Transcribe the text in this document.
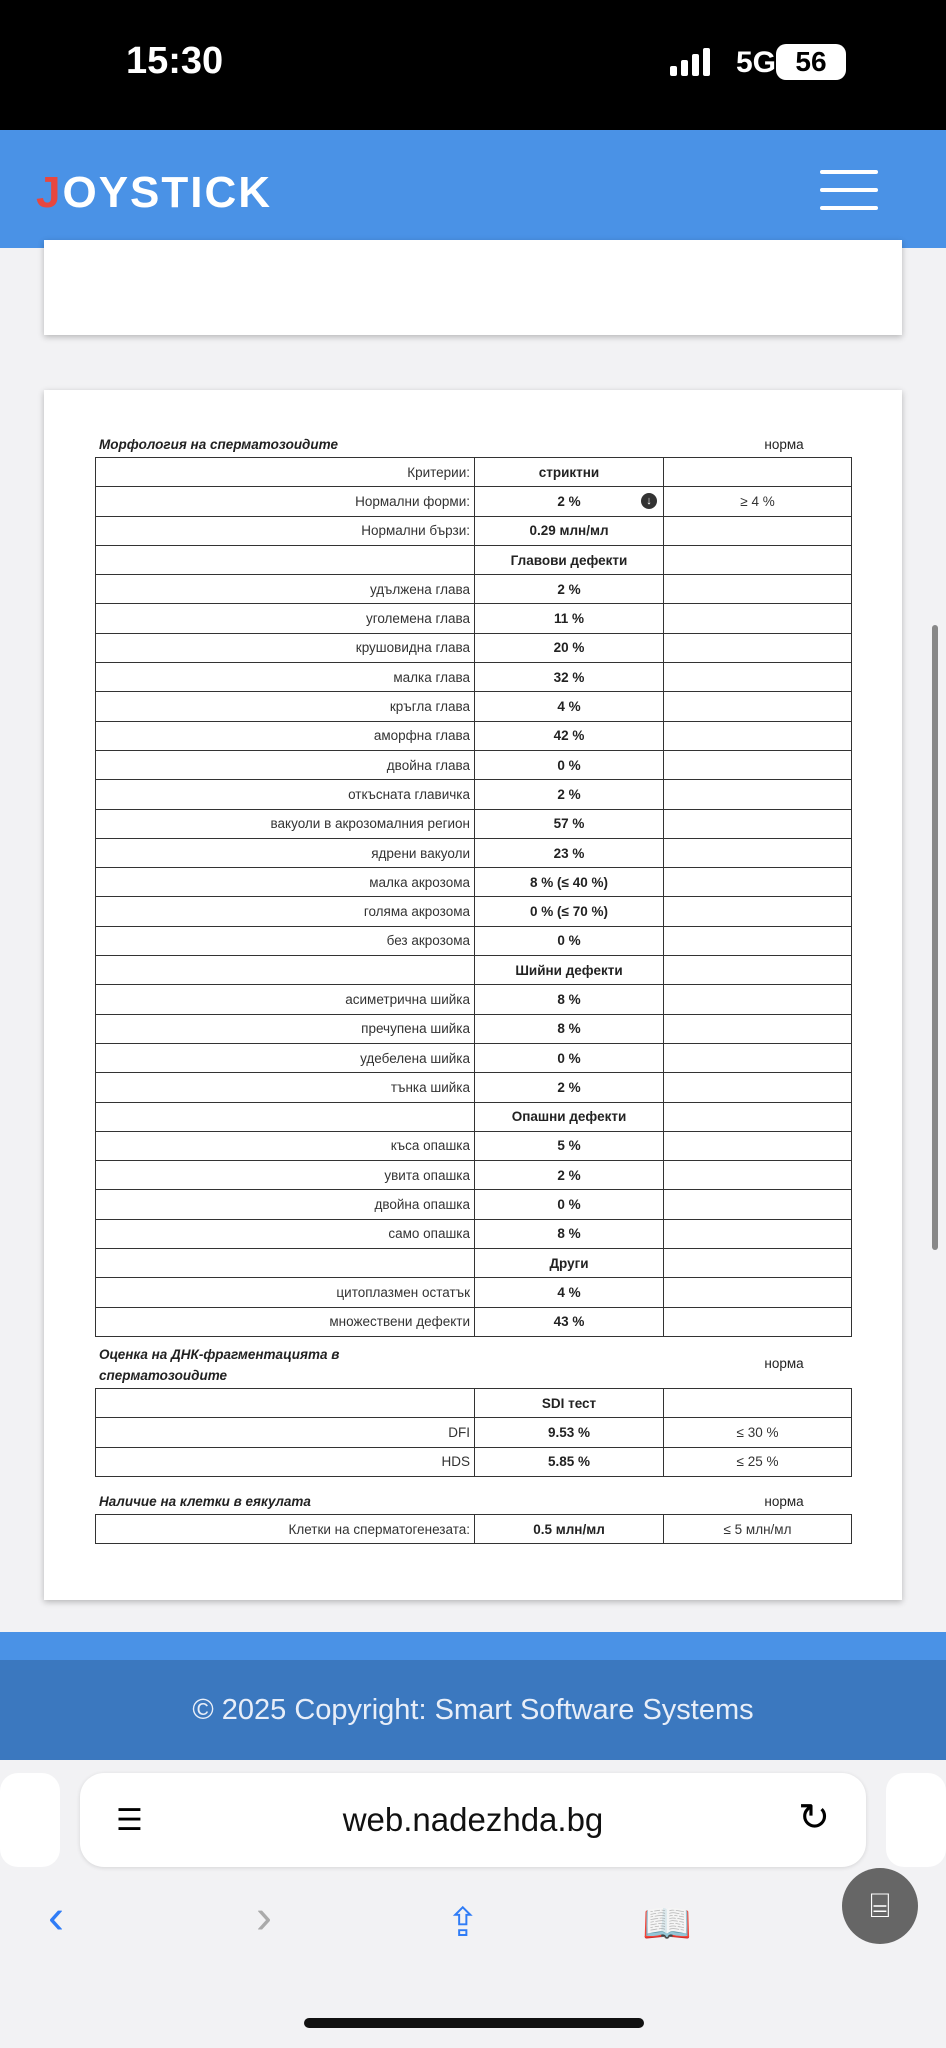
15:30	5G 56
JOYSTICK
Морфология на сперматозоидите	норма
Критерии:	стриктни	
Нормални форми:	2 % ↓	≥ 4 %
Нормални бързи:	0.29 млн/мл	
	Главови дефекти	
удължена глава	2 %	
уголемена глава	11 %	
крушовидна глава	20 %	
малка глава	32 %	
кръгла глава	4 %	
аморфна глава	42 %	
двойна глава	0 %	
откъсната главичка	2 %	
вакуоли в акрозомалния регион	57 %	
ядрени вакуоли	23 %	
малка акрозома	8 % (≤ 40 %)	
голяма акрозома	0 % (≤ 70 %)	
без акрозома	0 %	
	Шийни дефекти	
асиметрична шийка	8 %	
пречупена шийка	8 %	
удебелена шийка	0 %	
тънка шийка	2 %	
	Опашни дефекти	
къса опашка	5 %	
увита опашка	2 %	
двойна опашка	0 %	
само опашка	8 %	
	Други	
цитоплазмен остатък	4 %	
множествени дефекти	43 %	
Оценка на ДНК-фрагментацията в
сперматозоидите
норма
	SDI тест	
DFI	9.53 %	≤ 30 %
HDS	5.85 %	≤ 25 %
Наличие на клетки в еякулата	норма
Клетки на сперматогенезата:	0.5 млн/мл	≤ 5 млн/мл
© 2025 Copyright: Smart Software Systems
☰	web.nadezhda.bg	↻
‹	›	⇪	📖	⌸
